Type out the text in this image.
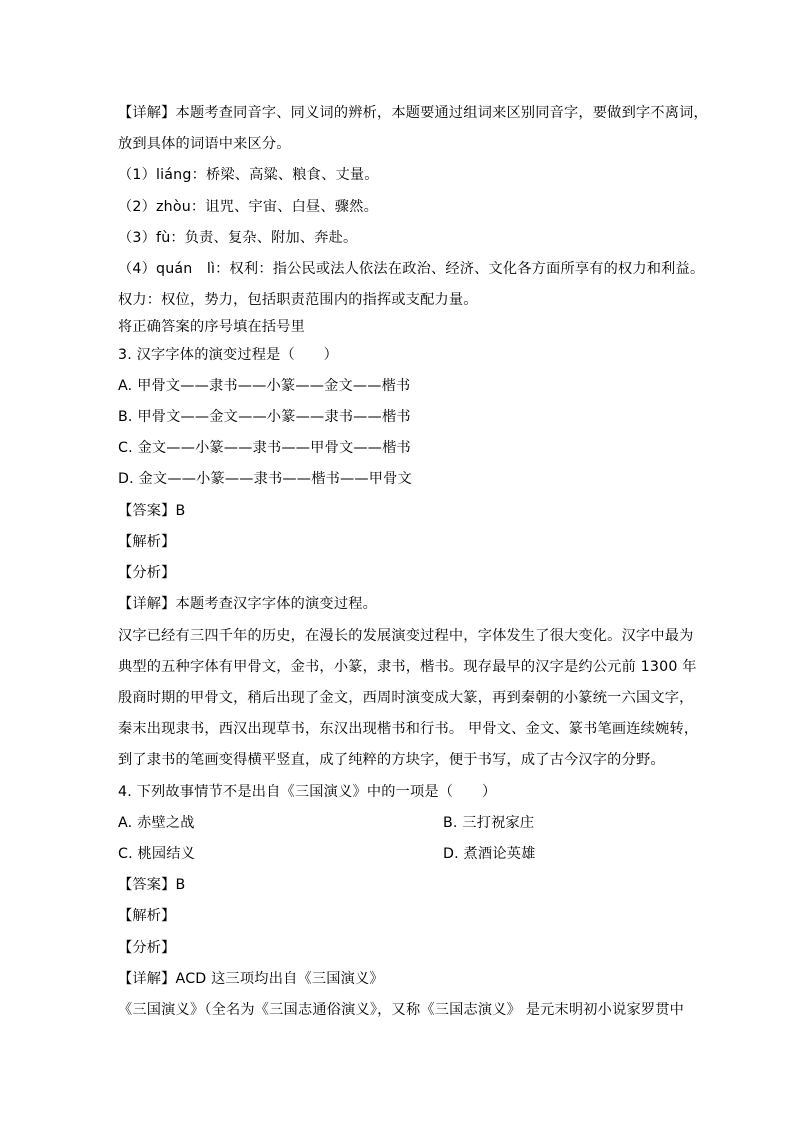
【详解】本题考查同音字、同义词的辨析，本题要通过组词来区别同音字，要做到字不离词，
放到具体的词语中来区分。
（1）liáng：桥梁、高粱、粮食、丈量。
（2）zhòu：诅咒、宇宙、白昼、骤然。
（3）fù：负责、复杂、附加、奔赴。
（4）quán　lì：权利：指公民或法人依法在政治、经济、文化各方面所享有的权力和利益。
权力：权位，势力，包括职责范围内的指挥或支配力量。
将正确答案的序号填在括号里
3. 汉字字体的演变过程是（　　）
A. 甲骨文——隶书——小篆——金文——楷书
B. 甲骨文——金文——小篆——隶书——楷书
C. 金文——小篆——隶书——甲骨文——楷书
D. 金文——小篆——隶书——楷书——甲骨文
【答案】B
【解析】
【分析】
【详解】本题考查汉字字体的演变过程。
汉字已经有三四千年的历史，在漫长的发展演变过程中，字体发生了很大变化。汉字中最为
典型的五种字体有甲骨文，金书，小篆，隶书，楷书。现存最早的汉字是约公元前 1300 年
殷商时期的甲骨文，稍后出现了金文，西周时演变成大篆，再到秦朝的小篆统一六国文字，
秦末出现隶书，西汉出现草书，东汉出现楷书和行书。 甲骨文、金文、篆书笔画连续婉转，
到了隶书的笔画变得横平竖直，成了纯粹的方块字，便于书写，成了古今汉字的分野。
4. 下列故事情节不是出自《三国演义》中的一项是（　　）
A. 赤壁之战	B. 三打祝家庄
C. 桃园结义	D. 煮酒论英雄
【答案】B
【解析】
【分析】
【详解】ACD 这三项均出自《三国演义》
《三国演义》（全名为《三国志通俗演义》，又称《三国志演义》 是元末明初小说家罗贯中
